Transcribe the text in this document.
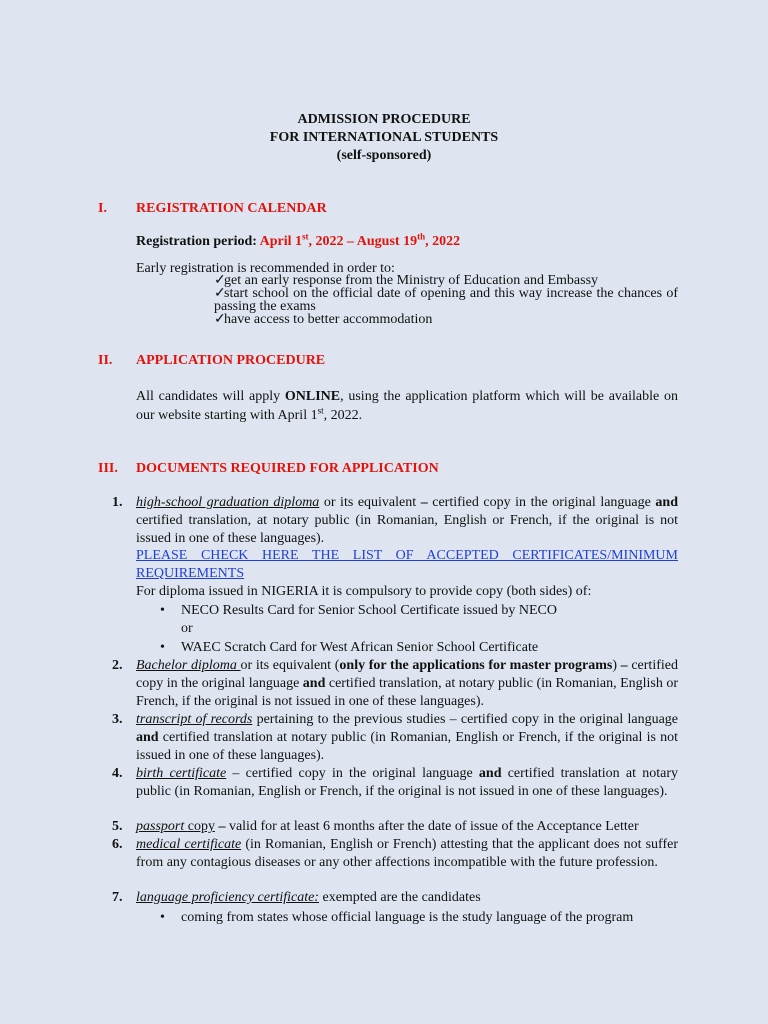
ADMISSION PROCEDURE
FOR INTERNATIONAL STUDENTS
(self-sponsored)
I. REGISTRATION CALENDAR
Registration period: April 1st, 2022 – August 19th, 2022
Early registration is recommended in order to:
✓get an early response from the Ministry of Education and Embassy
✓start school on the official date of opening and this way increase the chances of passing the exams
✓have access to better accommodation
II. APPLICATION PROCEDURE
All candidates will apply ONLINE, using the application platform which will be available on our website starting with April 1st, 2022.
III. DOCUMENTS REQUIRED FOR APPLICATION
1. high-school graduation diploma or its equivalent – certified copy in the original language and certified translation, at notary public (in Romanian, English or French, if the original is not issued in one of these languages).
PLEASE CHECK HERE THE LIST OF ACCEPTED CERTIFICATES/MINIMUM REQUIREMENTS
For diploma issued in NIGERIA it is compulsory to provide copy (both sides) of:
• NECO Results Card for Senior School Certificate issued by NECO
or
• WAEC Scratch Card for West African Senior School Certificate
2. Bachelor diploma or its equivalent (only for the applications for master programs) – certified copy in the original language and certified translation, at notary public (in Romanian, English or French, if the original is not issued in one of these languages).
3. transcript of records pertaining to the previous studies – certified copy in the original language and certified translation at notary public (in Romanian, English or French, if the original is not issued in one of these languages).
4. birth certificate – certified copy in the original language and certified translation at notary public (in Romanian, English or French, if the original is not issued in one of these languages).
5. passport copy – valid for at least 6 months after the date of issue of the Acceptance Letter
6. medical certificate (in Romanian, English or French) attesting that the applicant does not suffer from any contagious diseases or any other affections incompatible with the future profession.
7. language proficiency certificate: exempted are the candidates
• coming from states whose official language is the study language of the program
